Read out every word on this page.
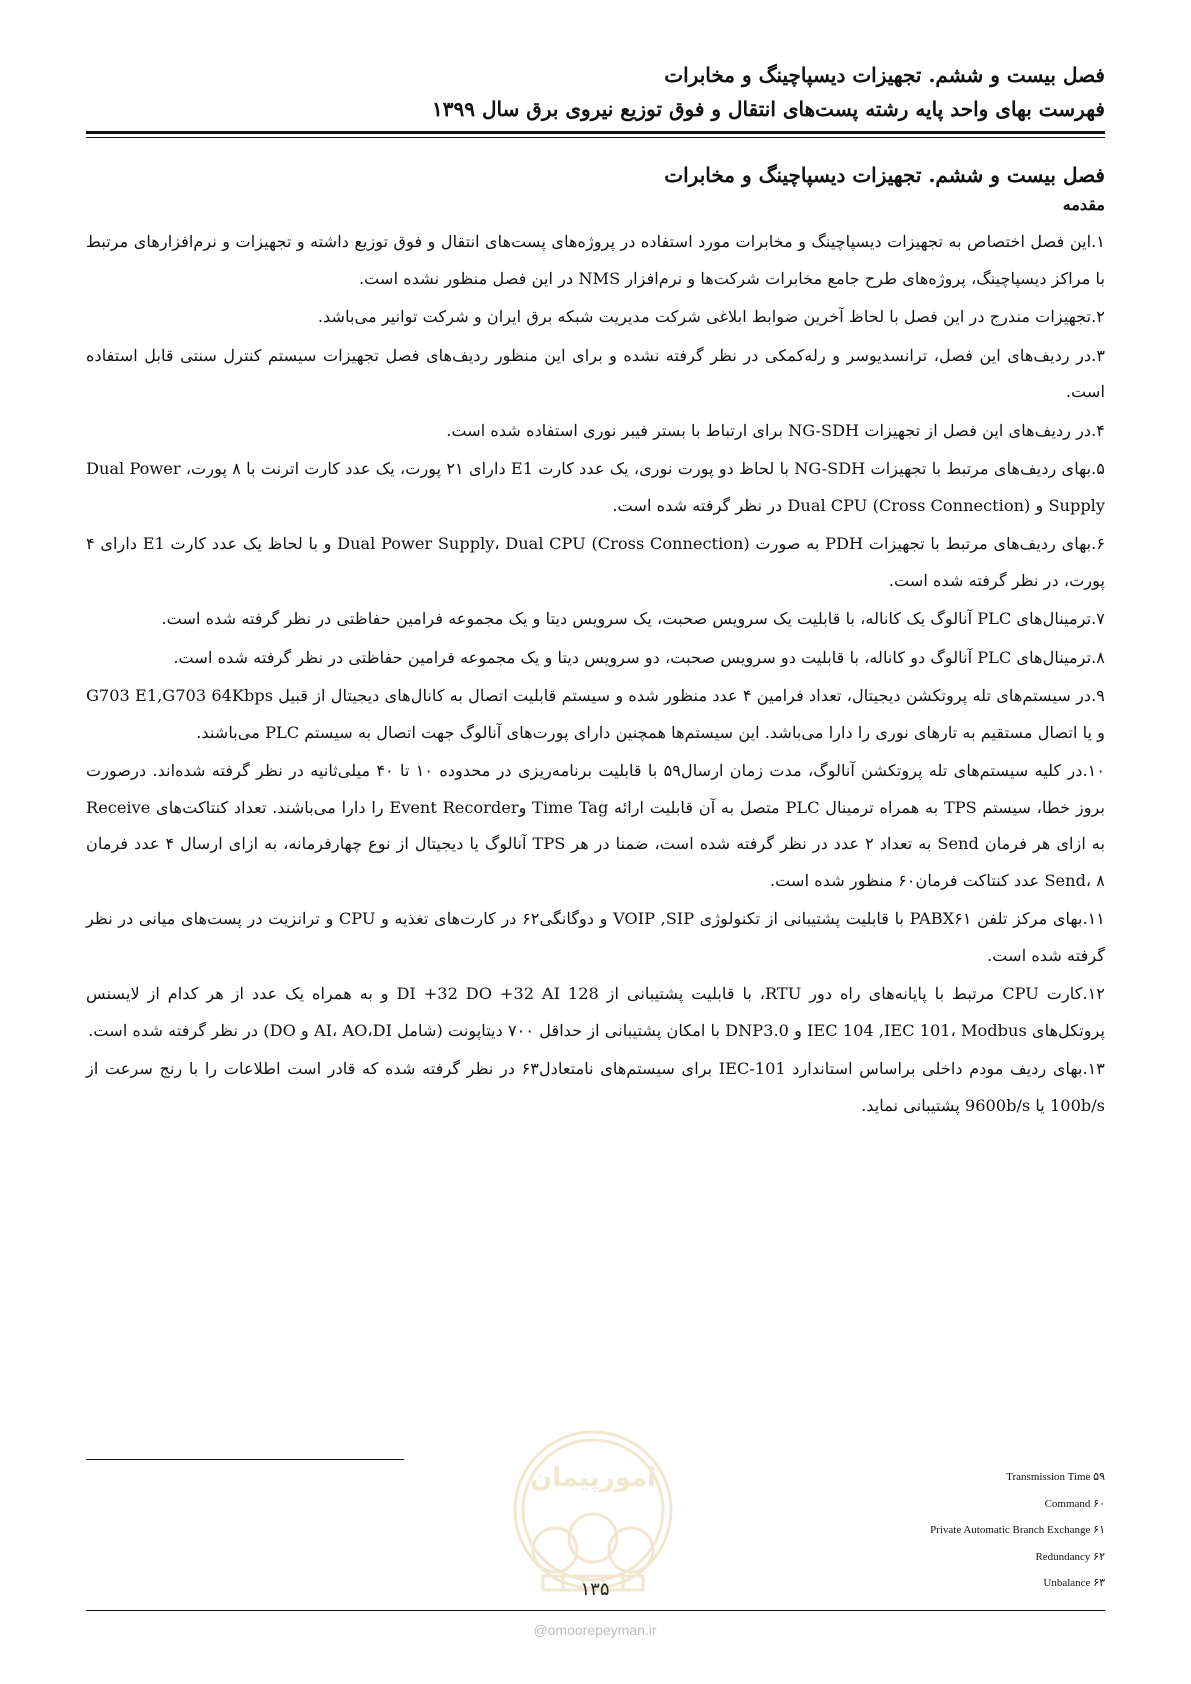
فصل بیست و ششم. تجهیزات دیسپاچینگ و مخابرات
فهرست بهای واحد پایه رشته پست‌های انتقال و فوق توزیع نیروی برق سال ۱۳۹۹
فصل بیست و ششم. تجهیزات دیسپاچینگ و مخابرات
مقدمه

۱.این فصل اختصاص به تجهیزات دیسپاچینگ و مخابرات مورد استفاده در پروژه‌های پست‌های انتقال و فوق توزیع داشته و تجهیزات و نرم‌افزارهای مرتبط با مراکز دیسپاچینگ، پروژه‌های طرح جامع مخابرات شرکت‌ها و نرم‌افزار NMS در این فصل منظور نشده است.

۲.تجهیزات مندرج در این فصل با لحاظ آخرین ضوابط ابلاغی شرکت مدیریت شبکه برق ایران و شرکت توانیر می‌باشد.

۳.در ردیف‌های این فصل، ترانسدیوسر و رله‌کمکی در نظر گرفته نشده و برای این منظور ردیف‌های فصل تجهیزات سیستم کنترل سنتی قابل استفاده است.

۴.در ردیف‌های این فصل از تجهیزات NG-SDH برای ارتباط با بستر فیبر نوری استفاده شده است.

۵.بهای ردیف‌های مرتبط با تجهیزات NG-SDH با لحاظ دو پورت نوری، یک عدد کارت E1 دارای ۲۱ پورت، یک عدد کارت اترنت با ۸ پورت، Dual Power Supply و Dual CPU (Cross Connection) در نظر گرفته شده است.

۶.بهای ردیف‌های مرتبط با تجهیزات PDH به صورت Dual Power Supply، Dual CPU (Cross Connection) و با لحاظ یک عدد کارت E1 دارای ۴ پورت، در نظر گرفته شده است.

۷.ترمینال‌های PLC آنالوگ یک کاناله، با قابلیت یک سرویس صحبت، یک سرویس دیتا و یک مجموعه فرامین حفاظتی در نظر گرفته شده است.

۸.ترمینال‌های PLC آنالوگ دو کاناله، با قابلیت دو سرویس صحبت، دو سرویس دیتا و یک مجموعه فرامین حفاظتی در نظر گرفته شده است.

۹.در سیستم‌های تله پروتکشن دیجیتال، تعداد فرامین ۴ عدد منظور شده و سیستم قابلیت اتصال به کانال‌های دیجیتال از قبیل G703 E1,G703 64Kbps و یا اتصال مستقیم به تارهای نوری را دارا می‌باشد. این سیستم‌ها همچنین دارای پورت‌های آنالوگ جهت اتصال به سیستم PLC می‌باشند.

۱۰.در کلیه سیستم‌های تله پروتکشن آنالوگ، مدت زمان ارسال۵۹ با قابلیت برنامه‌ریزی در محدوده ۱۰ تا ۴۰ میلی‌ثانیه در نظر گرفته شده‌اند. درصورت بروز خطا، سیستم TPS به همراه ترمینال PLC متصل به آن قابلیت ارائه Time Tag وEvent Recorder را دارا می‌باشند. تعداد کنتاکت‌های Receive به ازای هر فرمان Send به تعداد ۲ عدد در نظر گرفته شده است، ضمنا در هر TPS آنالوگ یا دیجیتال از نوع چهارفرمانه، به ازای ارسال ۴ عدد فرمان Send، ۸ عدد کنتاکت فرمان۶۰ منظور شده است.

۱۱.بهای مرکز تلفن PABX۶۱ با قابلیت پشتیبانی از تکنولوژی VOIP ,SIP و دوگانگی۶۲ در کارت‌های تغذیه و CPU و ترانزیت در پست‌های میانی در نظر گرفته شده است.

۱۲.کارت CPU مرتبط با پایانه‌های راه دور RTU، با قابلیت پشتیبانی از 128 DI +32 DO +32 AI و به همراه یک عدد از هر کدام از لایسنس پروتکل‌های IEC 104 ,IEC 101، Modbus و DNP3.0 با امکان پشتیبانی از حداقل ۷۰۰ دیتاپونت (شامل AI، AO،DI و DO) در نظر گرفته شده است.

۱۳.بهای ردیف مودم داخلی براساس استاندارد IEC-101 برای سیستم‌های نامتعادل۶۳ در نظر گرفته شده که قادر است اطلاعات را با رنج سرعت از 100b/s یا 9600b/s پشتیبانی نماید.

Transmission Time ۵۹
Command ۶۰
Private Automatic Branch Exchange ۶۱
Redundancy ۶۲
Unbalance ۶۳
امورپیمان
۱۳۵
@omoorepeyman.ir
